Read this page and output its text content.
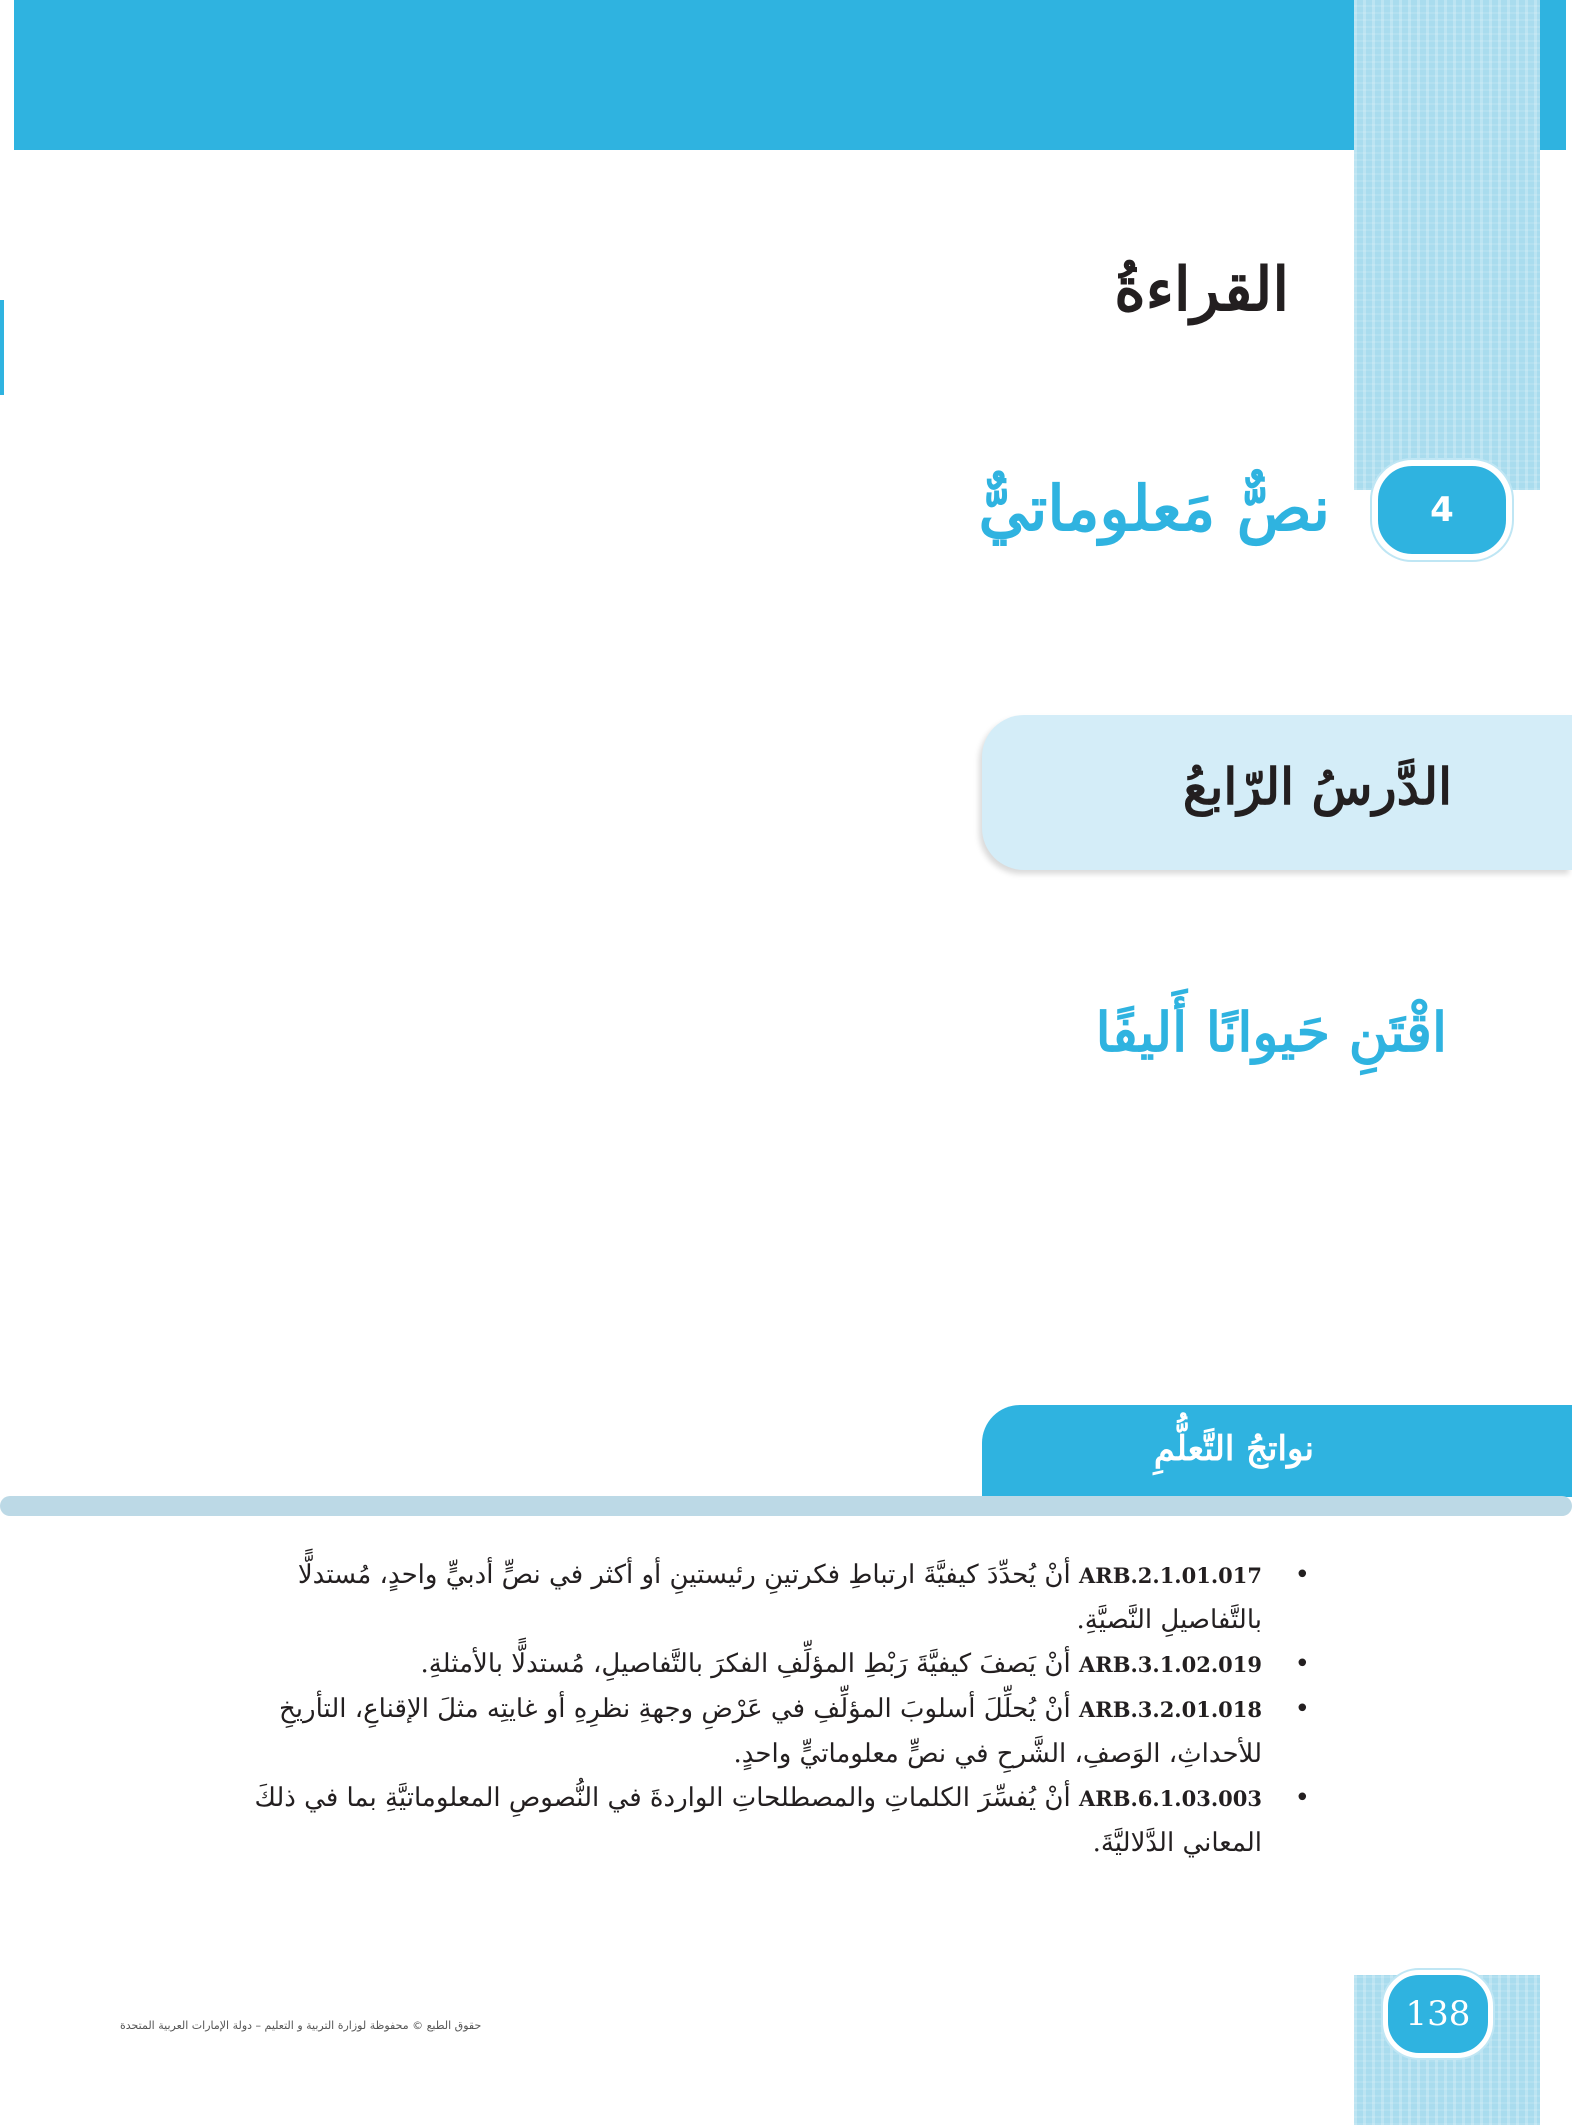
القراءةُ
4
نصٌّ مَعلوماتيٌّ
الدَّرسُ الرّابعُ
اقْتَنِ حَيوانًا أَليفًا
نواتجُ التَّعلُّمِ
•
ARB.2.1.01.017 أنْ يُحدِّدَ كيفيَّةَ ارتباطِ فكرتينِ رئيستينِ أو أكثر في نصٍّ أدبيٍّ واحدٍ، مُستدلًّا بالتَّفاصيلِ النَّصيَّةِ.
•
ARB.3.1.02.019 أنْ يَصفَ كيفيَّةَ رَبْطِ المؤلِّفِ الفكرَ بالتَّفاصيلِ، مُستدلًّا بالأمثلةِ.
•
ARB.3.2.01.018 أنْ يُحلِّلَ أسلوبَ المؤلِّفِ في عَرْضِ وجهةِ نظرِهِ أو غايتِه مثلَ الإقناعِ، التأريخِ للأحداثِ، الوَصفِ، الشَّرحِ في نصٍّ معلوماتيٍّ واحدٍ.
•
ARB.6.1.03.003 أنْ يُفسِّرَ الكلماتِ والمصطلحاتِ الواردةَ في النُّصوصِ المعلوماتيَّةِ بما في ذلكَ المعاني الدَّلاليَّةَ.
138
حقوق الطبع © محفوظة لوزارة التربية و التعليم – دولة الإمارات العربية المتحدة
